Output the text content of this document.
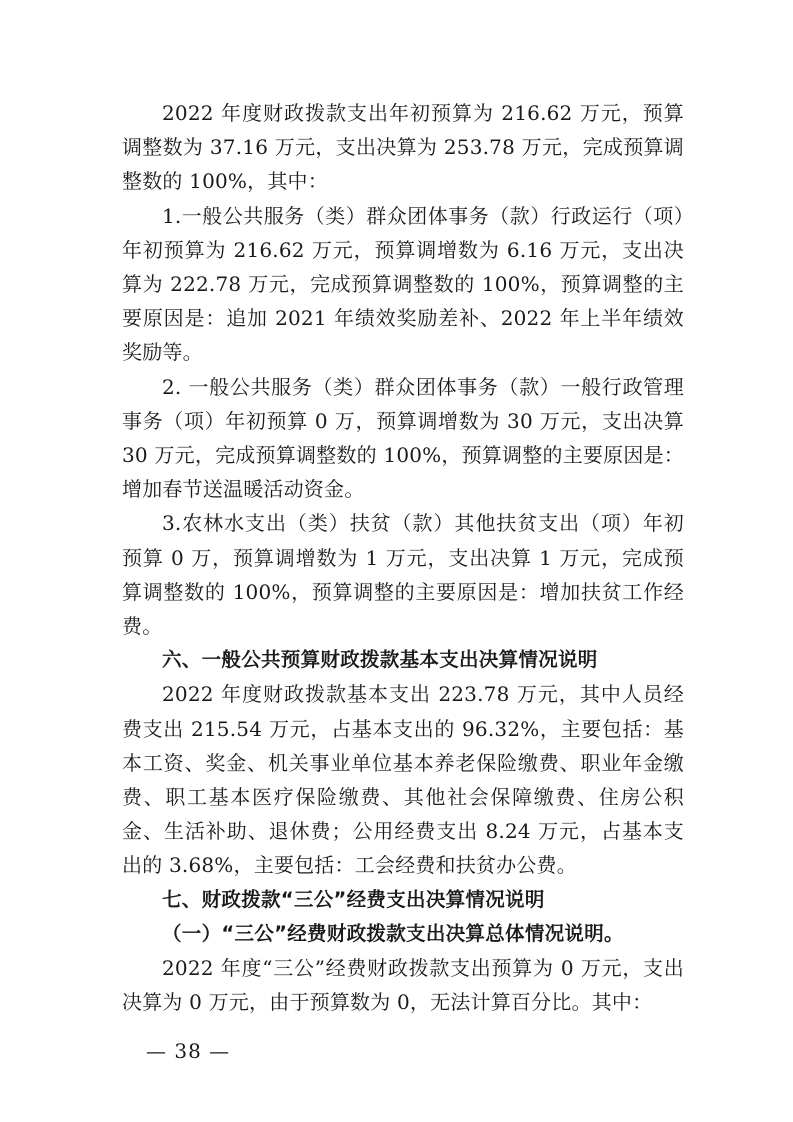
2022 年度财政拨款支出年初预算为 216.62 万元，预算调整数为 37.16 万元，支出决算为 253.78 万元，完成预算调整数的 100%，其中：

1.一般公共服务（类）群众团体事务（款）行政运行（项）年初预算为 216.62 万元，预算调增数为 6.16 万元，支出决算为 222.78 万元，完成预算调整数的 100%，预算调整的主要原因是：追加 2021 年绩效奖励差补、2022 年上半年绩效奖励等。

2. 一般公共服务（类）群众团体事务（款）一般行政管理事务（项）年初预算 0 万，预算调增数为 30 万元，支出决算 30 万元，完成预算调整数的 100%，预算调整的主要原因是：增加春节送温暖活动资金。

3.农林水支出（类）扶贫（款）其他扶贫支出（项）年初预算 0 万，预算调增数为 1 万元，支出决算 1 万元，完成预算调整数的 100%，预算调整的主要原因是：增加扶贫工作经费。

六、一般公共预算财政拨款基本支出决算情况说明

2022 年度财政拨款基本支出 223.78 万元，其中人员经费支出 215.54 万元，占基本支出的 96.32%，主要包括：基本工资、奖金、机关事业单位基本养老保险缴费、职业年金缴费、职工基本医疗保险缴费、其他社会保障缴费、住房公积金、生活补助、退休费；公用经费支出 8.24 万元，占基本支出的 3.68%，主要包括：工会经费和扶贫办公费。

七、财政拨款“三公”经费支出决算情况说明

（一）“三公”经费财政拨款支出决算总体情况说明。

2022 年度“三公”经费财政拨款支出预算为 0 万元，支出决算为 0 万元，由于预算数为 0，无法计算百分比。其中：

— 38 —
